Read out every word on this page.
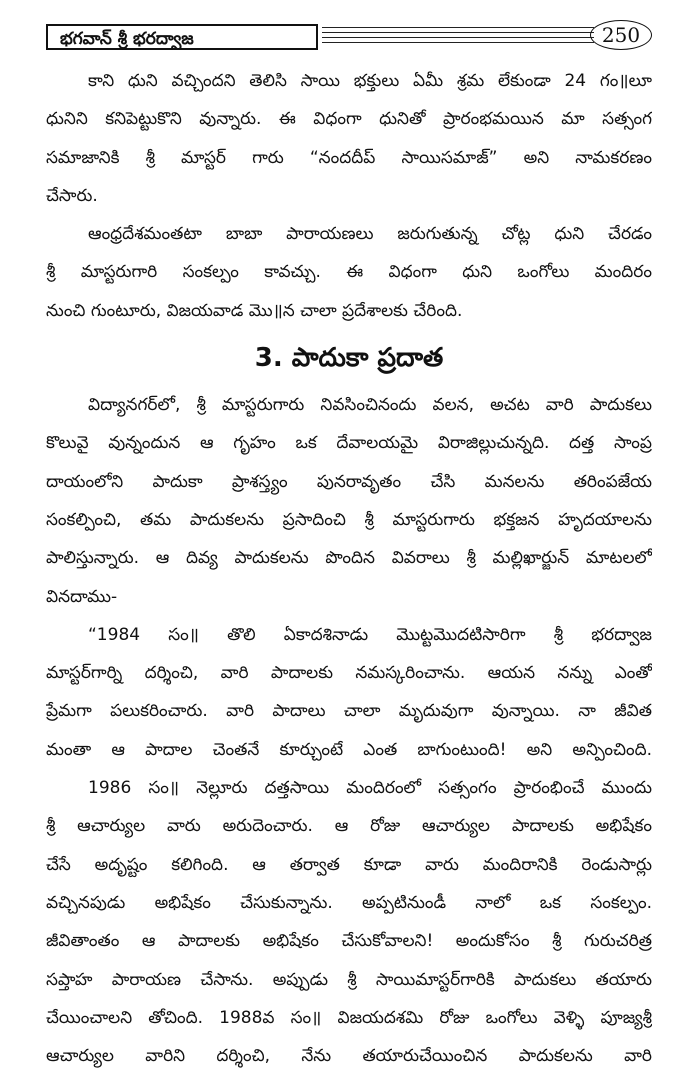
భగవాన్ శ్రీ భరద్వాజ	250
కాని ధుని వచ్చిందని తెలిసి సాయి భక్తులు ఏమీ శ్రమ లేకుండా 24 గం॥లూ
ధునిని కనిపెట్టుకొని వున్నారు. ఈ విధంగా ధునితో ప్రారంభమయిన మా సత్సంగ
సమాజానికి శ్రీ మాస్టర్ గారు “నందదీప్ సాయిసమాజ్” అని నామకరణం
చేసారు.
ఆంధ్రదేశమంతటా బాబా పారాయణలు జరుగుతున్న చోట్ల ధుని చేరడం
శ్రీ మాస్టరుగారి సంకల్పం కావచ్చు. ఈ విధంగా ధుని ఒంగోలు మందిరం
నుంచి గుంటూరు, విజయవాడ మొ॥న చాలా ప్రదేశాలకు చేరింది.
3. పాదుకా ప్రదాత
విద్యానగర్‌లో, శ్రీ మాస్టరుగారు నివసించినందు వలన, అచట వారి పాదుకలు
కొలువై వున్నందున ఆ గృహం ఒక దేవాలయమై విరాజిల్లుచున్నది. దత్త సాంప్ర
దాయంలోని పాదుకా ప్రాశస్త్యం పునరావృతం చేసి మనలను తరింపజేయ
సంకల్పించి, తమ పాదుకలను ప్రసాదించి శ్రీ మాస్టరుగారు భక్తజన హృదయాలను
పాలిస్తున్నారు. ఆ దివ్య పాదుకలను పొందిన వివరాలు శ్రీ మల్లిఖార్జున్ మాటలలో
వినదాము-
“1984 సం॥ తొలి ఏకాదశినాడు మొట్టమొదటిసారిగా శ్రీ భరద్వాజ
మాస్టర్‌గార్ని దర్శించి, వారి పాదాలకు నమస్కరించాను. ఆయన నన్ను ఎంతో
ప్రేమగా పలుకరించారు. వారి పాదాలు చాలా మృదువుగా వున్నాయి. నా జీవిత
మంతా ఆ పాదాల చెంతనే కూర్చుంటే ఎంత బాగుంటుంది! అని అన్పించింది.
1986 సం॥ నెల్లూరు దత్తసాయి మందిరంలో సత్సంగం ప్రారంభించే ముందు
శ్రీ ఆచార్యుల వారు అరుదెంచారు. ఆ రోజు ఆచార్యుల పాదాలకు అభిషేకం
చేసే అదృష్టం కలిగింది. ఆ తర్వాత కూడా వారు మందిరానికి రెండుసార్లు
వచ్చినపుడు అభిషేకం చేసుకున్నాను. అప్పటినుండీ నాలో ఒక సంకల్పం.
జీవితాంతం ఆ పాదాలకు అభిషేకం చేసుకోవాలని! అందుకోసం శ్రీ గురుచరిత్ర
సప్తాహ పారాయణ చేసాను. అప్పుడు శ్రీ సాయిమాస్టర్‌గారికి పాదుకలు తయారు
చేయించాలని తోచింది. 1988వ సం॥ విజయదశమి రోజు ఒంగోలు వెళ్ళి పూజ్యశ్రీ
ఆచార్యుల వారిని దర్శించి, నేను తయారుచేయించిన పాదుకలను వారి
